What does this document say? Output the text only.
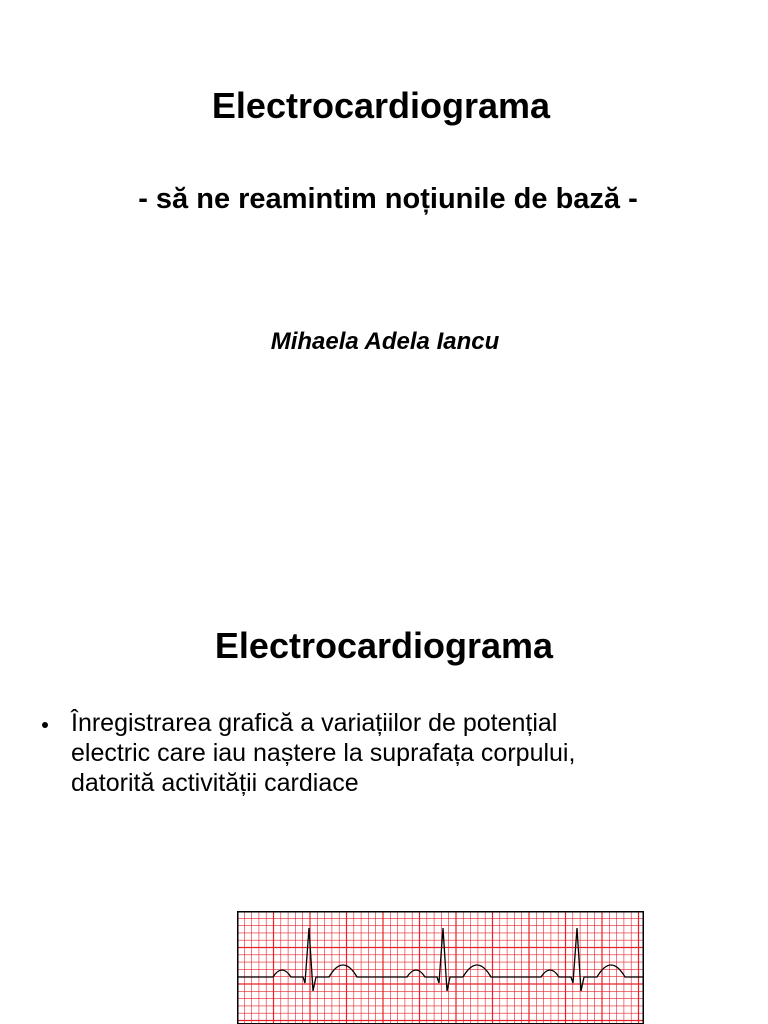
Electrocardiograma
- să ne reamintim noțiunile de bază -

Mihaela Adela Iancu

Electrocardiograma
Înregistrarea grafică a variațiilor de potențial
electric care iau naștere la suprafața corpului,
datorită activității cardiace
